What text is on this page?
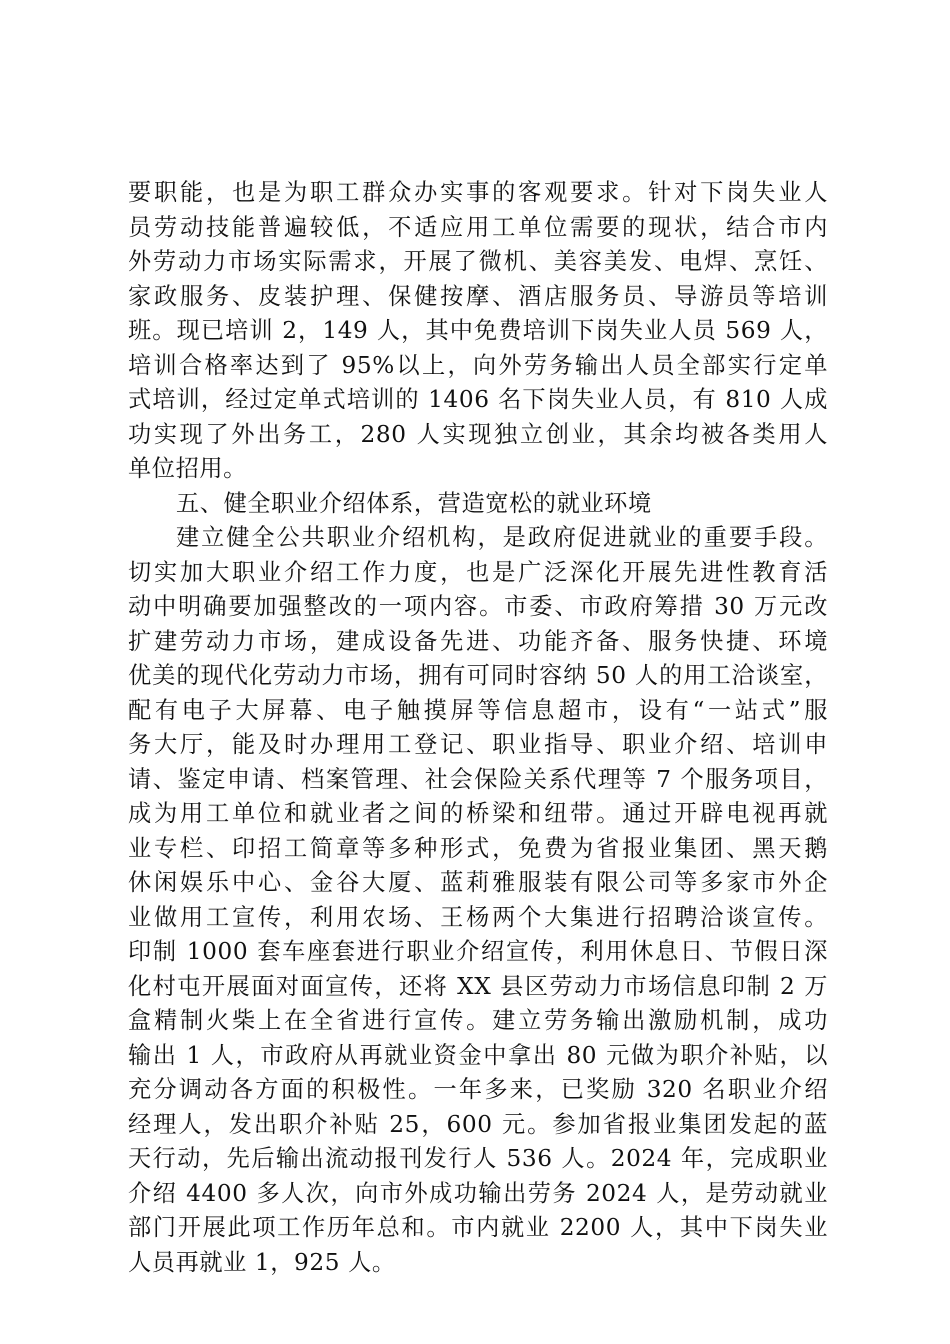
要职能，也是为职工群众办实事的客观要求。针对下岗失业人
员劳动技能普遍较低，不适应用工单位需要的现状，结合市内
外劳动力市场实际需求，开展了微机、美容美发、电焊、烹饪、
家政服务、皮装护理、保健按摩、酒店服务员、导游员等培训
班。现已培训 2，149 人，其中免费培训下岗失业人员 569 人，
培训合格率达到了 95%以上，向外劳务输出人员全部实行定单
式培训，经过定单式培训的 1406 名下岗失业人员，有 810 人成
功实现了外出务工，280 人实现独立创业，其余均被各类用人
单位招用。
五、健全职业介绍体系，营造宽松的就业环境
建立健全公共职业介绍机构，是政府促进就业的重要手段。
切实加大职业介绍工作力度，也是广泛深化开展先进性教育活
动中明确要加强整改的一项内容。市委、市政府筹措 30 万元改
扩建劳动力市场，建成设备先进、功能齐备、服务快捷、环境
优美的现代化劳动力市场，拥有可同时容纳 50 人的用工洽谈室，
配有电子大屏幕、电子触摸屏等信息超市，设有“一站式”服
务大厅，能及时办理用工登记、职业指导、职业介绍、培训申
请、鉴定申请、档案管理、社会保险关系代理等 7 个服务项目，
成为用工单位和就业者之间的桥梁和纽带。通过开辟电视再就
业专栏、印招工简章等多种形式，免费为省报业集团、黑天鹅
休闲娱乐中心、金谷大厦、蓝莉雅服装有限公司等多家市外企
业做用工宣传，利用农场、王杨两个大集进行招聘洽谈宣传。
印制 1000 套车座套进行职业介绍宣传，利用休息日、节假日深
化村屯开展面对面宣传，还将 XX 县区劳动力市场信息印制 2 万
盒精制火柴上在全省进行宣传。建立劳务输出激励机制，成功
输出 1 人，市政府从再就业资金中拿出 80 元做为职介补贴，以
充分调动各方面的积极性。一年多来，已奖励 320 名职业介绍
经理人，发出职介补贴 25，600 元。参加省报业集团发起的蓝
天行动，先后输出流动报刊发行人 536 人。2024 年，完成职业
介绍 4400 多人次，向市外成功输出劳务 2024 人，是劳动就业
部门开展此项工作历年总和。市内就业 2200 人，其中下岗失业
人员再就业 1，925 人。
